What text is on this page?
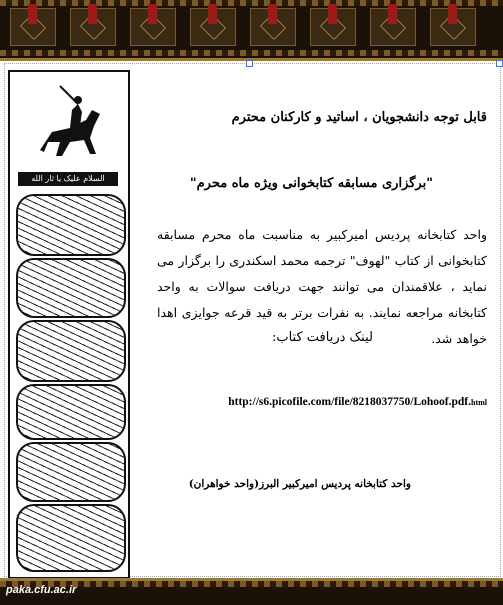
السلام علیک یا ثار الله
قابل توجه دانشجویان ، اساتید و کارکنان محترم
"برگزاری مسابقه کتابخوانی ویژه ماه محرم"
واحد کتابخانه پردیس امیرکبیر به مناسبت ماه محرم مسابقه کتابخوانی از کتاب "لهوف" ترجمه محمد اسکندری را برگزار می نماید ، علاقمندان می توانند جهت دریافت سوالات به واحد کتابخانه مراجعه نمایند. به نفرات برتر به قید قرعه جوایزی اهدا خواهد شد.
لینک دریافت کتاب:
http://s6.picofile.com/file/8218037750/Lohoof.pdf.html
واحد کتابخانه پردیس امیرکبیر البرز(واحد خواهران)
paka.cfu.ac.ir
